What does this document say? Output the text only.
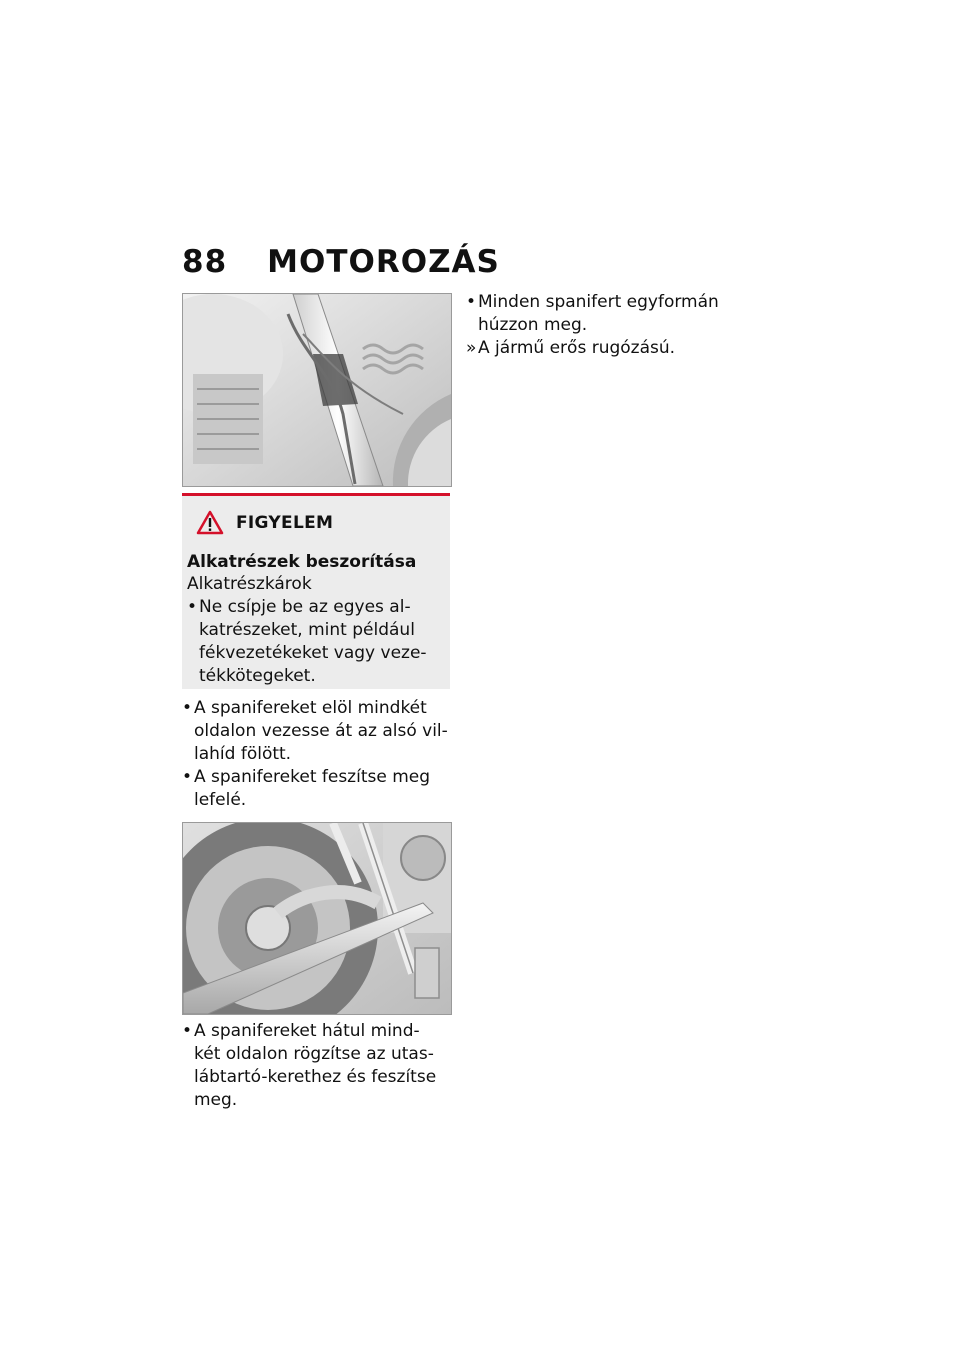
88 MOTOROZÁS
FIGYELEM
Alkatrészek beszorítása
Alkatrészkárok
• Ne csípje be az egyes al-
katrészeket, mint például
fékvezetékeket vagy veze-
tékkötegeket.

• A spanifereket elöl mindkét
oldalon vezesse át az alsó vil-
lahíd fölött.

• A spanifereket feszítse meg
lefelé.

• A spanifereket hátul mind-
két oldalon rögzítse az utas-
lábtartó-kerethez és feszítse
meg.

• Minden spanifert egyformán
húzzon meg.

» A jármű erős rugózású.
